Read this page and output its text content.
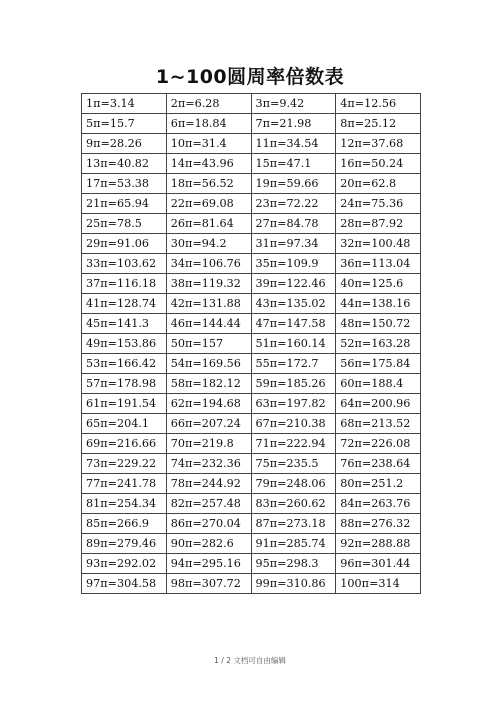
1~100圆周率倍数表
1π=3.14	2π=6.28	3π=9.42	4π=12.56
5π=15.7	6π=18.84	7π=21.98	8π=25.12
9π=28.26	10π=31.4	11π=34.54	12π=37.68
13π=40.82	14π=43.96	15π=47.1	16π=50.24
17π=53.38	18π=56.52	19π=59.66	20π=62.8
21π=65.94	22π=69.08	23π=72.22	24π=75.36
25π=78.5	26π=81.64	27π=84.78	28π=87.92
29π=91.06	30π=94.2	31π=97.34	32π=100.48
33π=103.62	34π=106.76	35π=109.9	36π=113.04
37π=116.18	38π=119.32	39π=122.46	40π=125.6
41π=128.74	42π=131.88	43π=135.02	44π=138.16
45π=141.3	46π=144.44	47π=147.58	48π=150.72
49π=153.86	50π=157	51π=160.14	52π=163.28
53π=166.42	54π=169.56	55π=172.7	56π=175.84
57π=178.98	58π=182.12	59π=185.26	60π=188.4
61π=191.54	62π=194.68	63π=197.82	64π=200.96
65π=204.1	66π=207.24	67π=210.38	68π=213.52
69π=216.66	70π=219.8	71π=222.94	72π=226.08
73π=229.22	74π=232.36	75π=235.5	76π=238.64
77π=241.78	78π=244.92	79π=248.06	80π=251.2
81π=254.34	82π=257.48	83π=260.62	84π=263.76
85π=266.9	86π=270.04	87π=273.18	88π=276.32
89π=279.46	90π=282.6	91π=285.74	92π=288.88
93π=292.02	94π=295.16	95π=298.3	96π=301.44
97π=304.58	98π=307.72	99π=310.86	100π=314
1 / 2 文档可自由编辑
